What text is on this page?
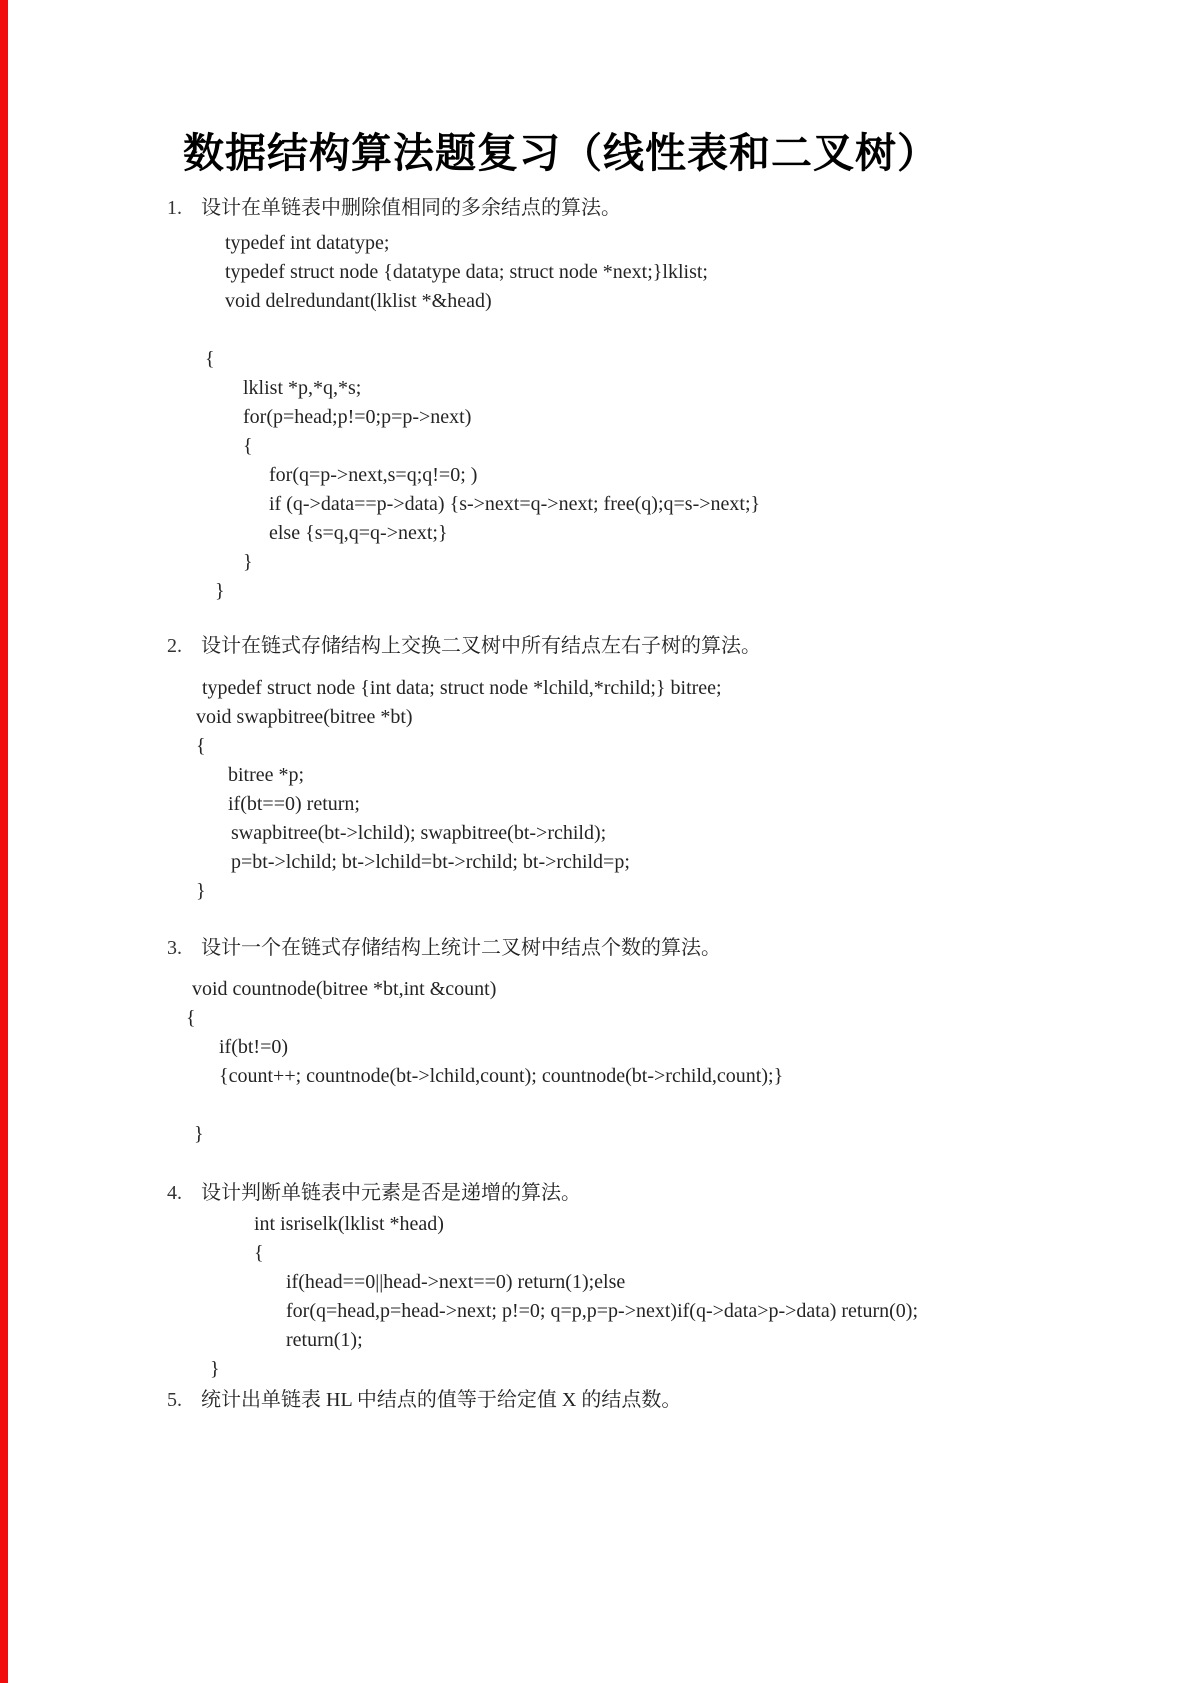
数据结构算法题复习（线性表和二叉树）
1. 设计在单链表中删除值相同的多余结点的算法。
typedef int datatype;
typedef struct node {datatype data; struct node *next;}lklist;
void delredundant(lklist *&head)

{
lklist *p,*q,*s;
for(p=head;p!=0;p=p->next)
{
for(q=p->next,s=q;q!=0; )
if (q->data==p->data) {s->next=q->next; free(q);q=s->next;}
else {s=q,q=q->next;}
}
}
2. 设计在链式存储结构上交换二叉树中所有结点左右子树的算法。
typedef struct node {int data; struct node *lchild,*rchild;} bitree;
void swapbitree(bitree *bt)
{
bitree *p;
if(bt==0) return;
swapbitree(bt->lchild); swapbitree(bt->rchild);
p=bt->lchild; bt->lchild=bt->rchild; bt->rchild=p;
}
3. 设计一个在链式存储结构上统计二叉树中结点个数的算法。
void countnode(bitree *bt,int &count)
{
if(bt!=0)
{count++; countnode(bt->lchild,count); countnode(bt->rchild,count);}

}
4. 设计判断单链表中元素是否是递增的算法。
int isriselk(lklist *head)
{
if(head==0||head->next==0) return(1);else
for(q=head,p=head->next; p!=0; q=p,p=p->next)if(q->data>p->data) return(0);
return(1);
}
5. 统计出单链表 HL 中结点的值等于给定值 X 的结点数。
